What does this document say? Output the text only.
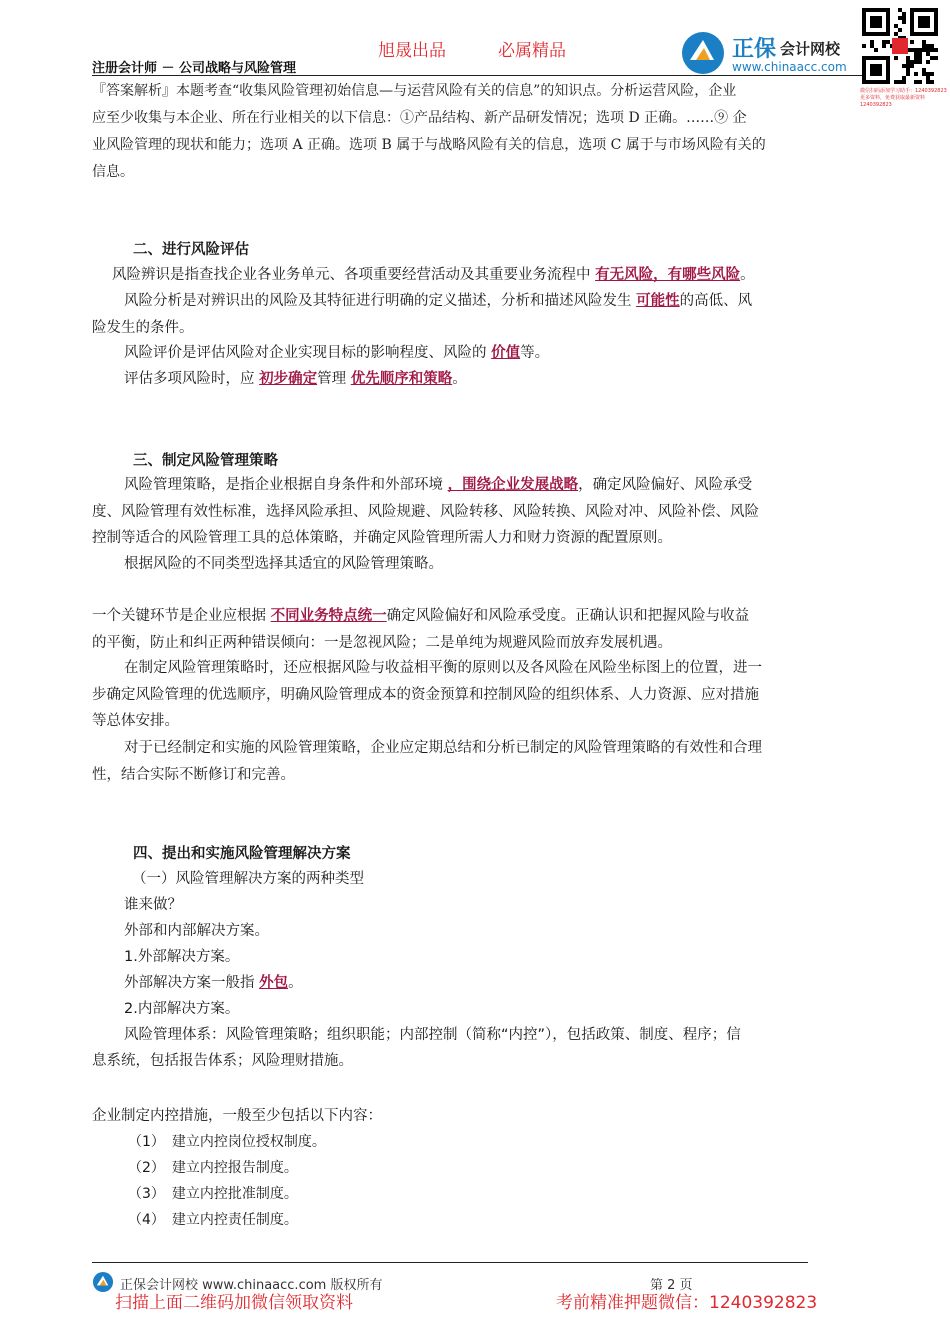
旭晟出品	必属精品
注册会计师 － 公司战略与风险管理
正保 会计网校
www.chinaacc.com
微信扫码添加学习助手：1240392823
更多资料，免费获取最新资料 1240392823
『答案解析』本题考查“收集风险管理初始信息—与运营风险有关的信息”的知识点。分析运营风险，企业
应至少收集与本企业、所在行业相关的以下信息：①产品结构、新产品研发情况；选项 D 正确。……⑨ 企
业风险管理的现状和能力；选项 A 正确。选项 B 属于与战略风险有关的信息，选项 C 属于与市场风险有关的
信息。
二、进行风险评估
风险辨识是指查找企业各业务单元、各项重要经营活动及其重要业务流程中 有无风险，有哪些风险。
风险分析是对辨识出的风险及其特征进行明确的定义描述，分析和描述风险发生 可能性的高低、风
险发生的条件。
风险评价是评估风险对企业实现目标的影响程度、风险的 价值等。
评估多项风险时，应 初步确定管理 优先顺序和策略。
三、制定风险管理策略
风险管理策略，是指企业根据自身条件和外部环境 ，围绕企业发展战略，确定风险偏好、风险承受
度、风险管理有效性标准，选择风险承担、风险规避、风险转移、风险转换、风险对冲、风险补偿、风险
控制等适合的风险管理工具的总体策略，并确定风险管理所需人力和财力资源的配置原则。
根据风险的不同类型选择其适宜的风险管理策略。
一个关键环节是企业应根据 不同业务特点统一确定风险偏好和风险承受度。正确认识和把握风险与收益
的平衡，防止和纠正两种错误倾向：一是忽视风险；二是单纯为规避风险而放弃发展机遇。
在制定风险管理策略时，还应根据风险与收益相平衡的原则以及各风险在风险坐标图上的位置，进一
步确定风险管理的优选顺序，明确风险管理成本的资金预算和控制风险的组织体系、人力资源、应对措施
等总体安排。
对于已经制定和实施的风险管理策略，企业应定期总结和分析已制定的风险管理策略的有效性和合理
性，结合实际不断修订和完善。
四、提出和实施风险管理解决方案
（一）风险管理解决方案的两种类型
谁来做？
外部和内部解决方案。
1.外部解决方案。
外部解决方案一般指 外包。
2.内部解决方案。
风险管理体系：风险管理策略；组织职能；内部控制（简称“内控”），包括政策、制度、程序；信
息系统，包括报告体系；风险理财措施。
企业制定内控措施，一般至少包括以下内容：
（1）　建立内控岗位授权制度。
（2）　建立内控报告制度。
（3）　建立内控批准制度。
（4）　建立内控责任制度。
正保会计网校 www.chinaacc.com 版权所有	第 2 页
扫描上面二维码加微信领取资料	考前精准押题微信：1240392823
